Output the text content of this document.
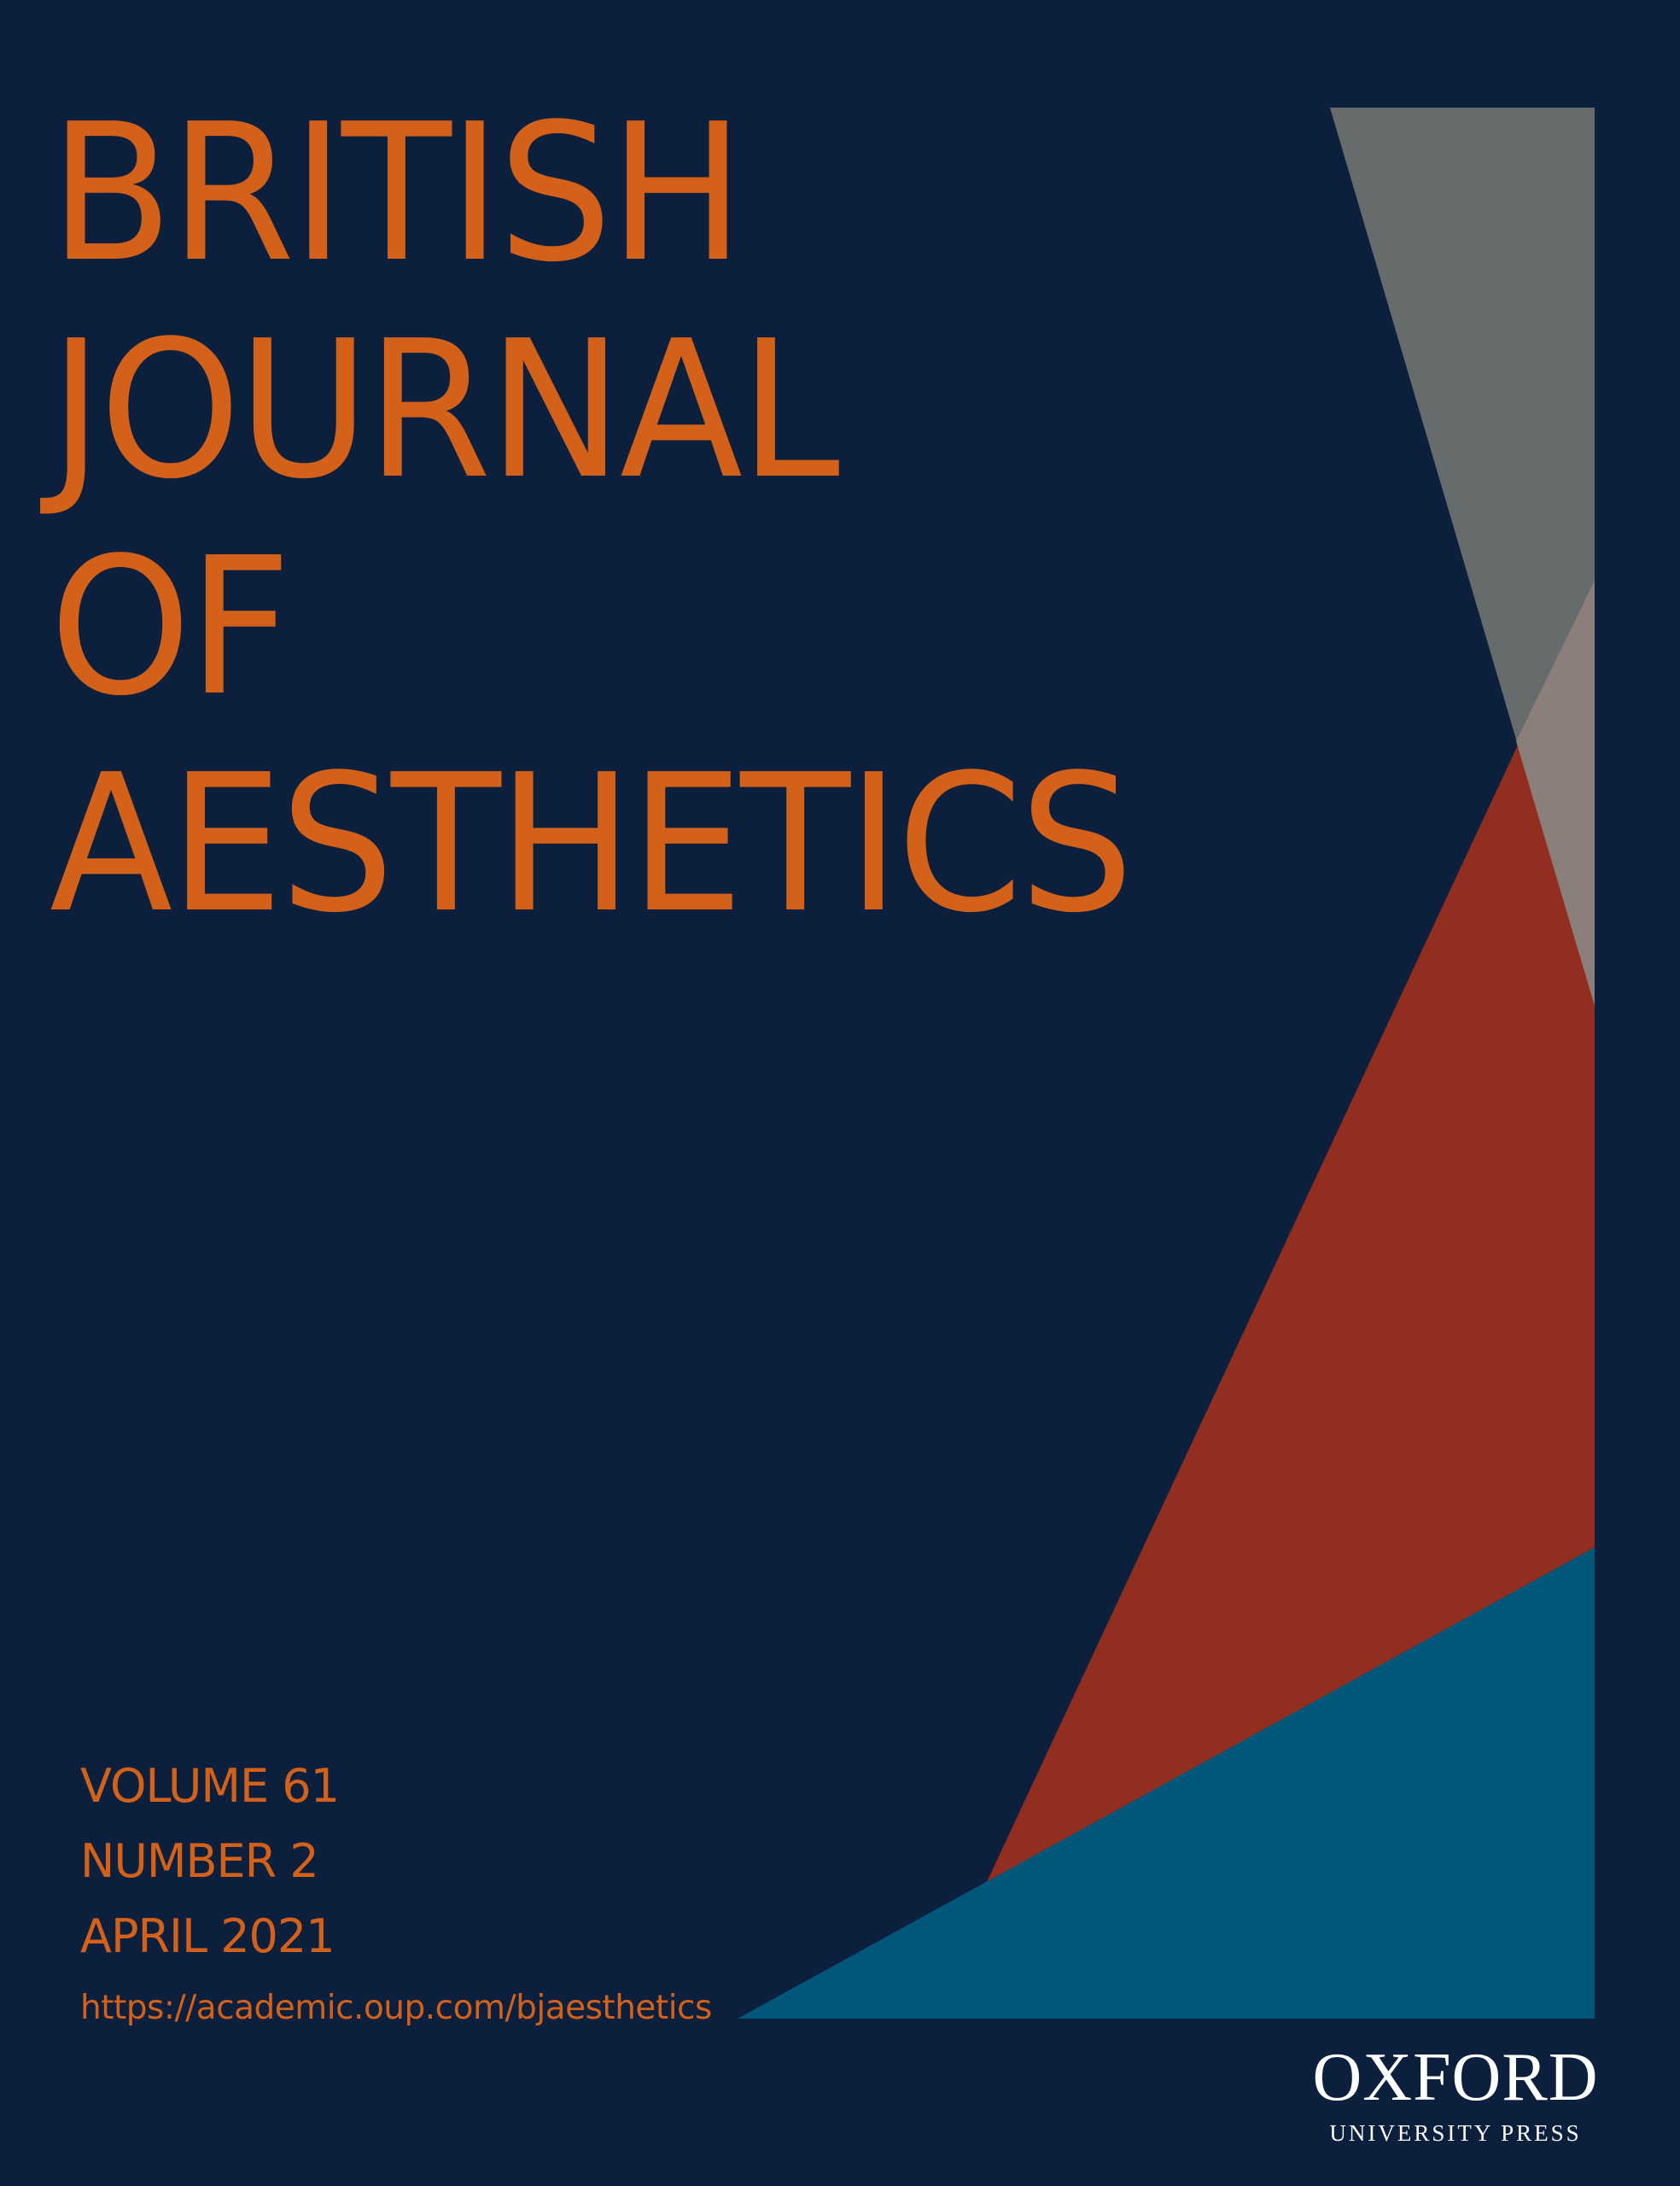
BRITISH
JOURNAL
OF
AESTHETICS
VOLUME 61
NUMBER 2
APRIL 2021
https://academic.oup.com/bjaesthetics
OXFORD
UNIVERSITY PRESS
